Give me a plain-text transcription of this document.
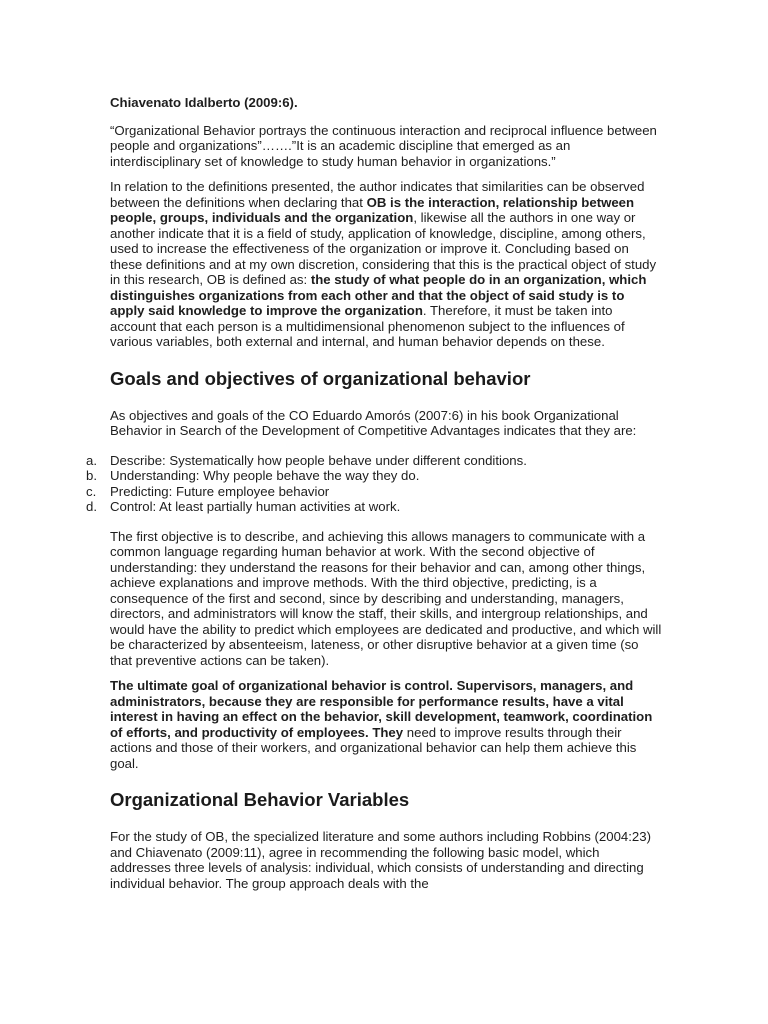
Chiavenato Idalberto (2009:6).

“Organizational Behavior portrays the continuous interaction and reciprocal influence between people and organizations”…….”It is an academic discipline that emerged as an interdisciplinary set of knowledge to study human behavior in organizations.”

In relation to the definitions presented, the author indicates that similarities can be observed between the definitions when declaring that OB is the interaction, relationship between people, groups, individuals and the organization, likewise all the authors in one way or another indicate that it is a field of study, application of knowledge, discipline, among others, used to increase the effectiveness of the organization or improve it. Concluding based on these definitions and at my own discretion, considering that this is the practical object of study in this research, OB is defined as: the study of what people do in an organization, which distinguishes organizations from each other and that the object of said study is to apply said knowledge to improve the organization. Therefore, it must be taken into account that each person is a multidimensional phenomenon subject to the influences of various variables, both external and internal, and human behavior depends on these.

Goals and objectives of organizational behavior

As objectives and goals of the CO Eduardo Amorós (2007:6) in his book Organizational Behavior in Search of the Development of Competitive Advantages indicates that they are:

a. Describe: Systematically how people behave under different conditions.
b. Understanding: Why people behave the way they do.
c. Predicting: Future employee behavior
d. Control: At least partially human activities at work.

The first objective is to describe, and achieving this allows managers to communicate with a common language regarding human behavior at work. With the second objective of understanding: they understand the reasons for their behavior and can, among other things, achieve explanations and improve methods. With the third objective, predicting, is a consequence of the first and second, since by describing and understanding, managers, directors, and administrators will know the staff, their skills, and intergroup relationships, and would have the ability to predict which employees are dedicated and productive, and which will be characterized by absenteeism, lateness, or other disruptive behavior at a given time (so that preventive actions can be taken).

The ultimate goal of organizational behavior is control. Supervisors, managers, and administrators, because they are responsible for performance results, have a vital interest in having an effect on the behavior, skill development, teamwork, coordination of efforts, and productivity of employees. They need to improve results through their actions and those of their workers, and organizational behavior can help them achieve this goal.

Organizational Behavior Variables

For the study of OB, the specialized literature and some authors including Robbins (2004:23) and Chiavenato (2009:11), agree in recommending the following basic model, which addresses three levels of analysis: individual, which consists of understanding and directing individual behavior. The group approach deals with the
